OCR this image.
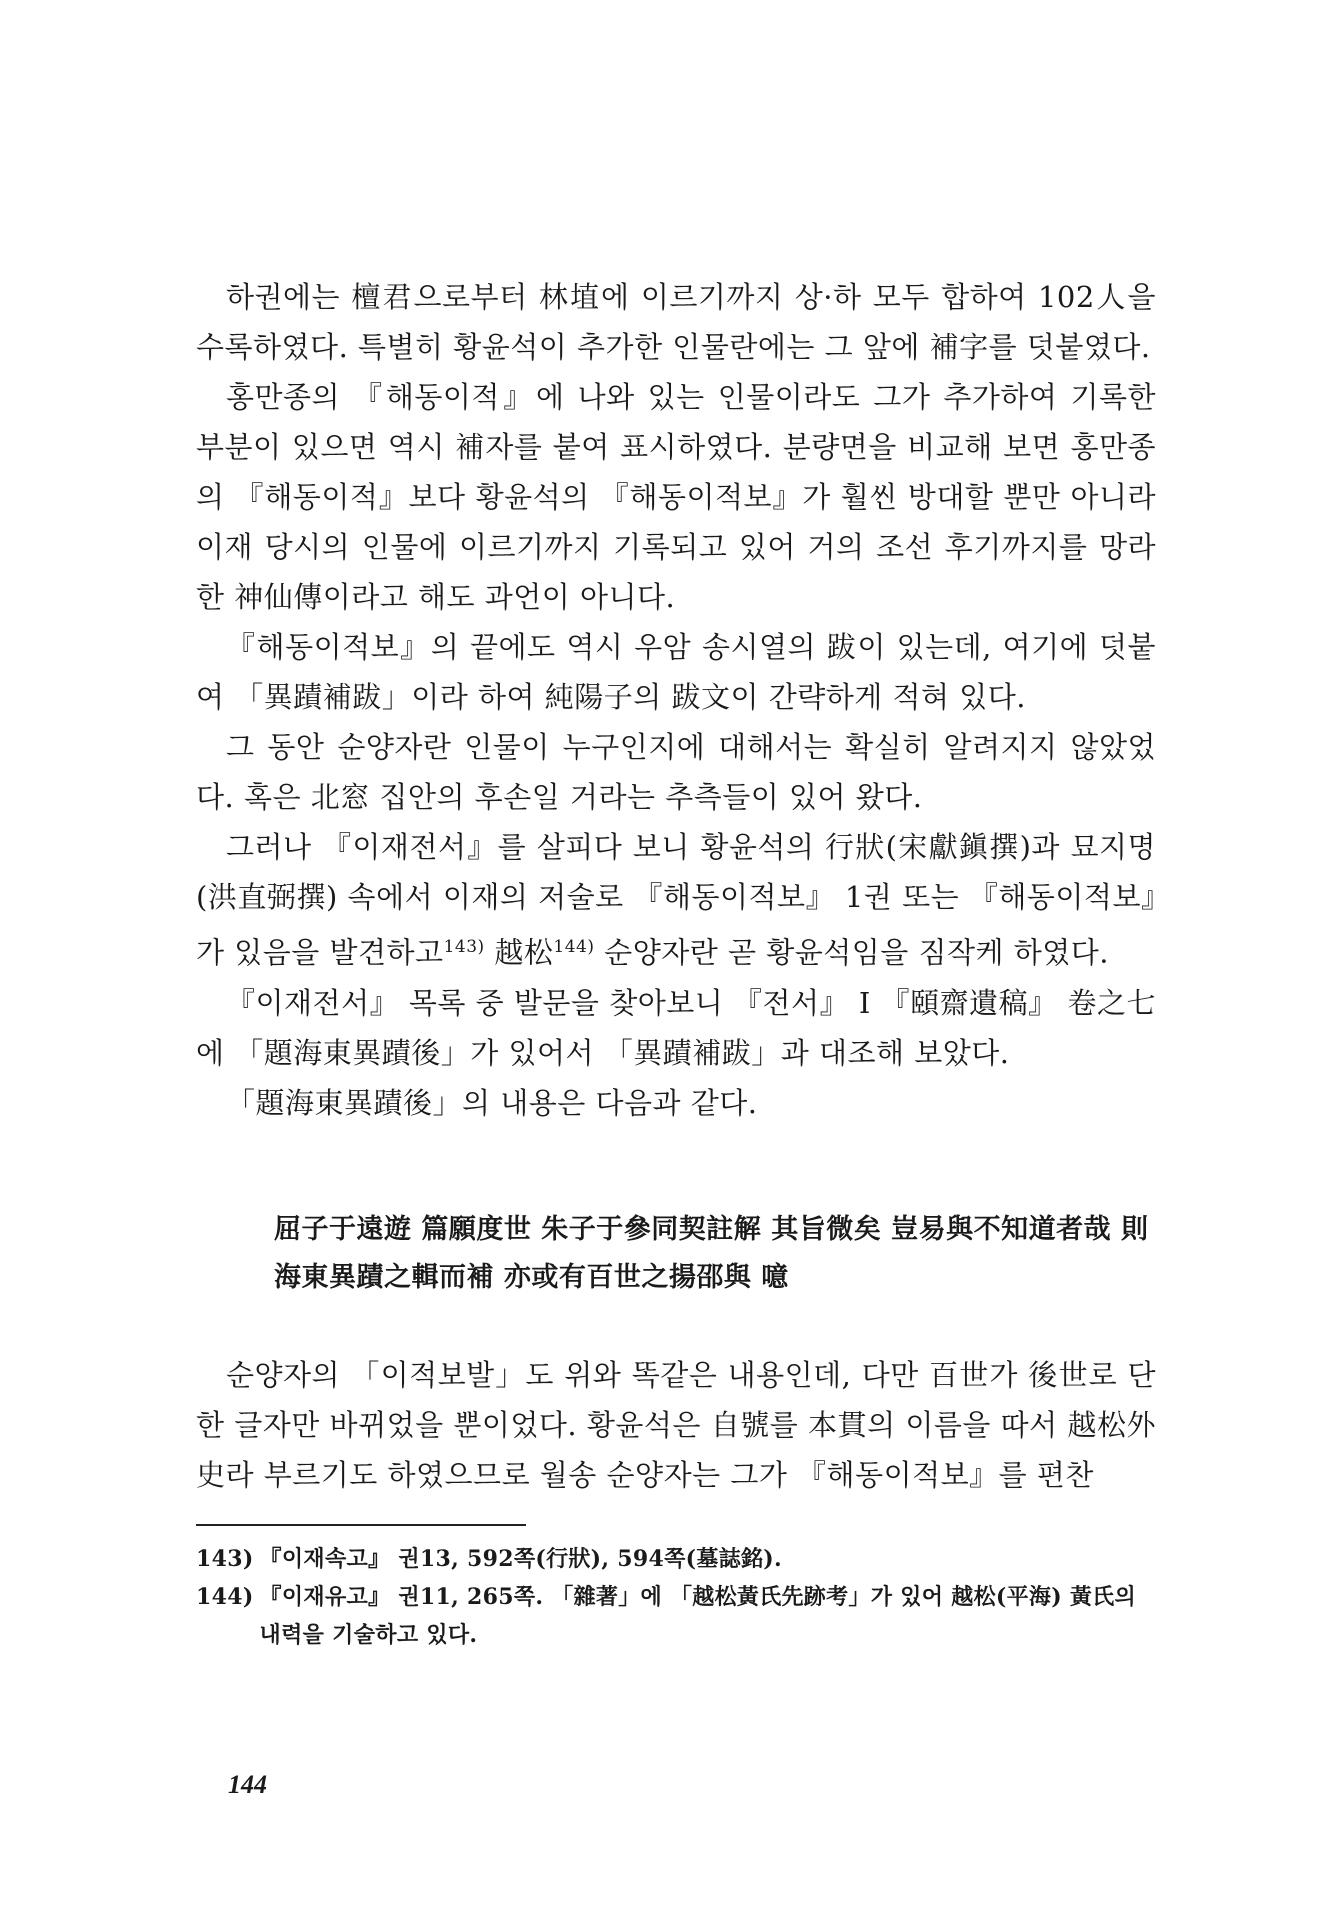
하권에는 檀君으로부터 林埴에 이르기까지 상·하 모두 합하여 102人을 수록하였다. 특별히 황윤석이 추가한 인물란에는 그 앞에 補字를 덧붙였다.

홍만종의 『해동이적』에 나와 있는 인물이라도 그가 추가하여 기록한 부분이 있으면 역시 補자를 붙여 표시하였다. 분량면을 비교해 보면 홍만종의 『해동이적』보다 황윤석의 『해동이적보』가 훨씬 방대할 뿐만 아니라 이재 당시의 인물에 이르기까지 기록되고 있어 거의 조선 후기까지를 망라한 神仙傳이라고 해도 과언이 아니다.

『해동이적보』의 끝에도 역시 우암 송시열의 跋이 있는데, 여기에 덧붙여 「異蹟補跋」이라 하여 純陽子의 跋文이 간략하게 적혀 있다.

그 동안 순양자란 인물이 누구인지에 대해서는 확실히 알려지지 않았었다. 혹은 北窓 집안의 후손일 거라는 추측들이 있어 왔다.

그러나 『이재전서』를 살피다 보니 황윤석의 行狀(宋獻鎭撰)과 묘지명(洪直弼撰) 속에서 이재의 저술로 『해동이적보』 1권 또는 『해동이적보』가 있음을 발견하고$^{143)}$ 越松$^{144)}$ 순양자란 곧 황윤석임을 짐작케 하였다.

『이재전서』 목록 중 발문을 찾아보니 『전서』 I 『頤齋遺稿』 卷之七에 「題海東異蹟後」가 있어서 「異蹟補跋」과 대조해 보았다.

「題海東異蹟後」의 내용은 다음과 같다.

屈子于遠遊 篇願度世 朱子于參同契註解 其旨微矣 豈易與不知道者哉 則

海東異蹟之輯而補 亦或有百世之揚邵與 噫

순양자의 「이적보발」도 위와 똑같은 내용인데, 다만 百世가 後世로 단 한 글자만 바뀌었을 뿐이었다. 황윤석은 自號를 本貫의 이름을 따서 越松外史라 부르기도 하였으므로 월송 순양자는 그가 『해동이적보』를 편찬

143) 『이재속고』 권13, 592쪽(行狀), 594쪽(墓誌銘).
144) 『이재유고』 권11, 265쪽. 「雜著」에 「越松黃氏先跡考」가 있어 越松(平海) 黃氏의 내력을 기술하고 있다.
144
